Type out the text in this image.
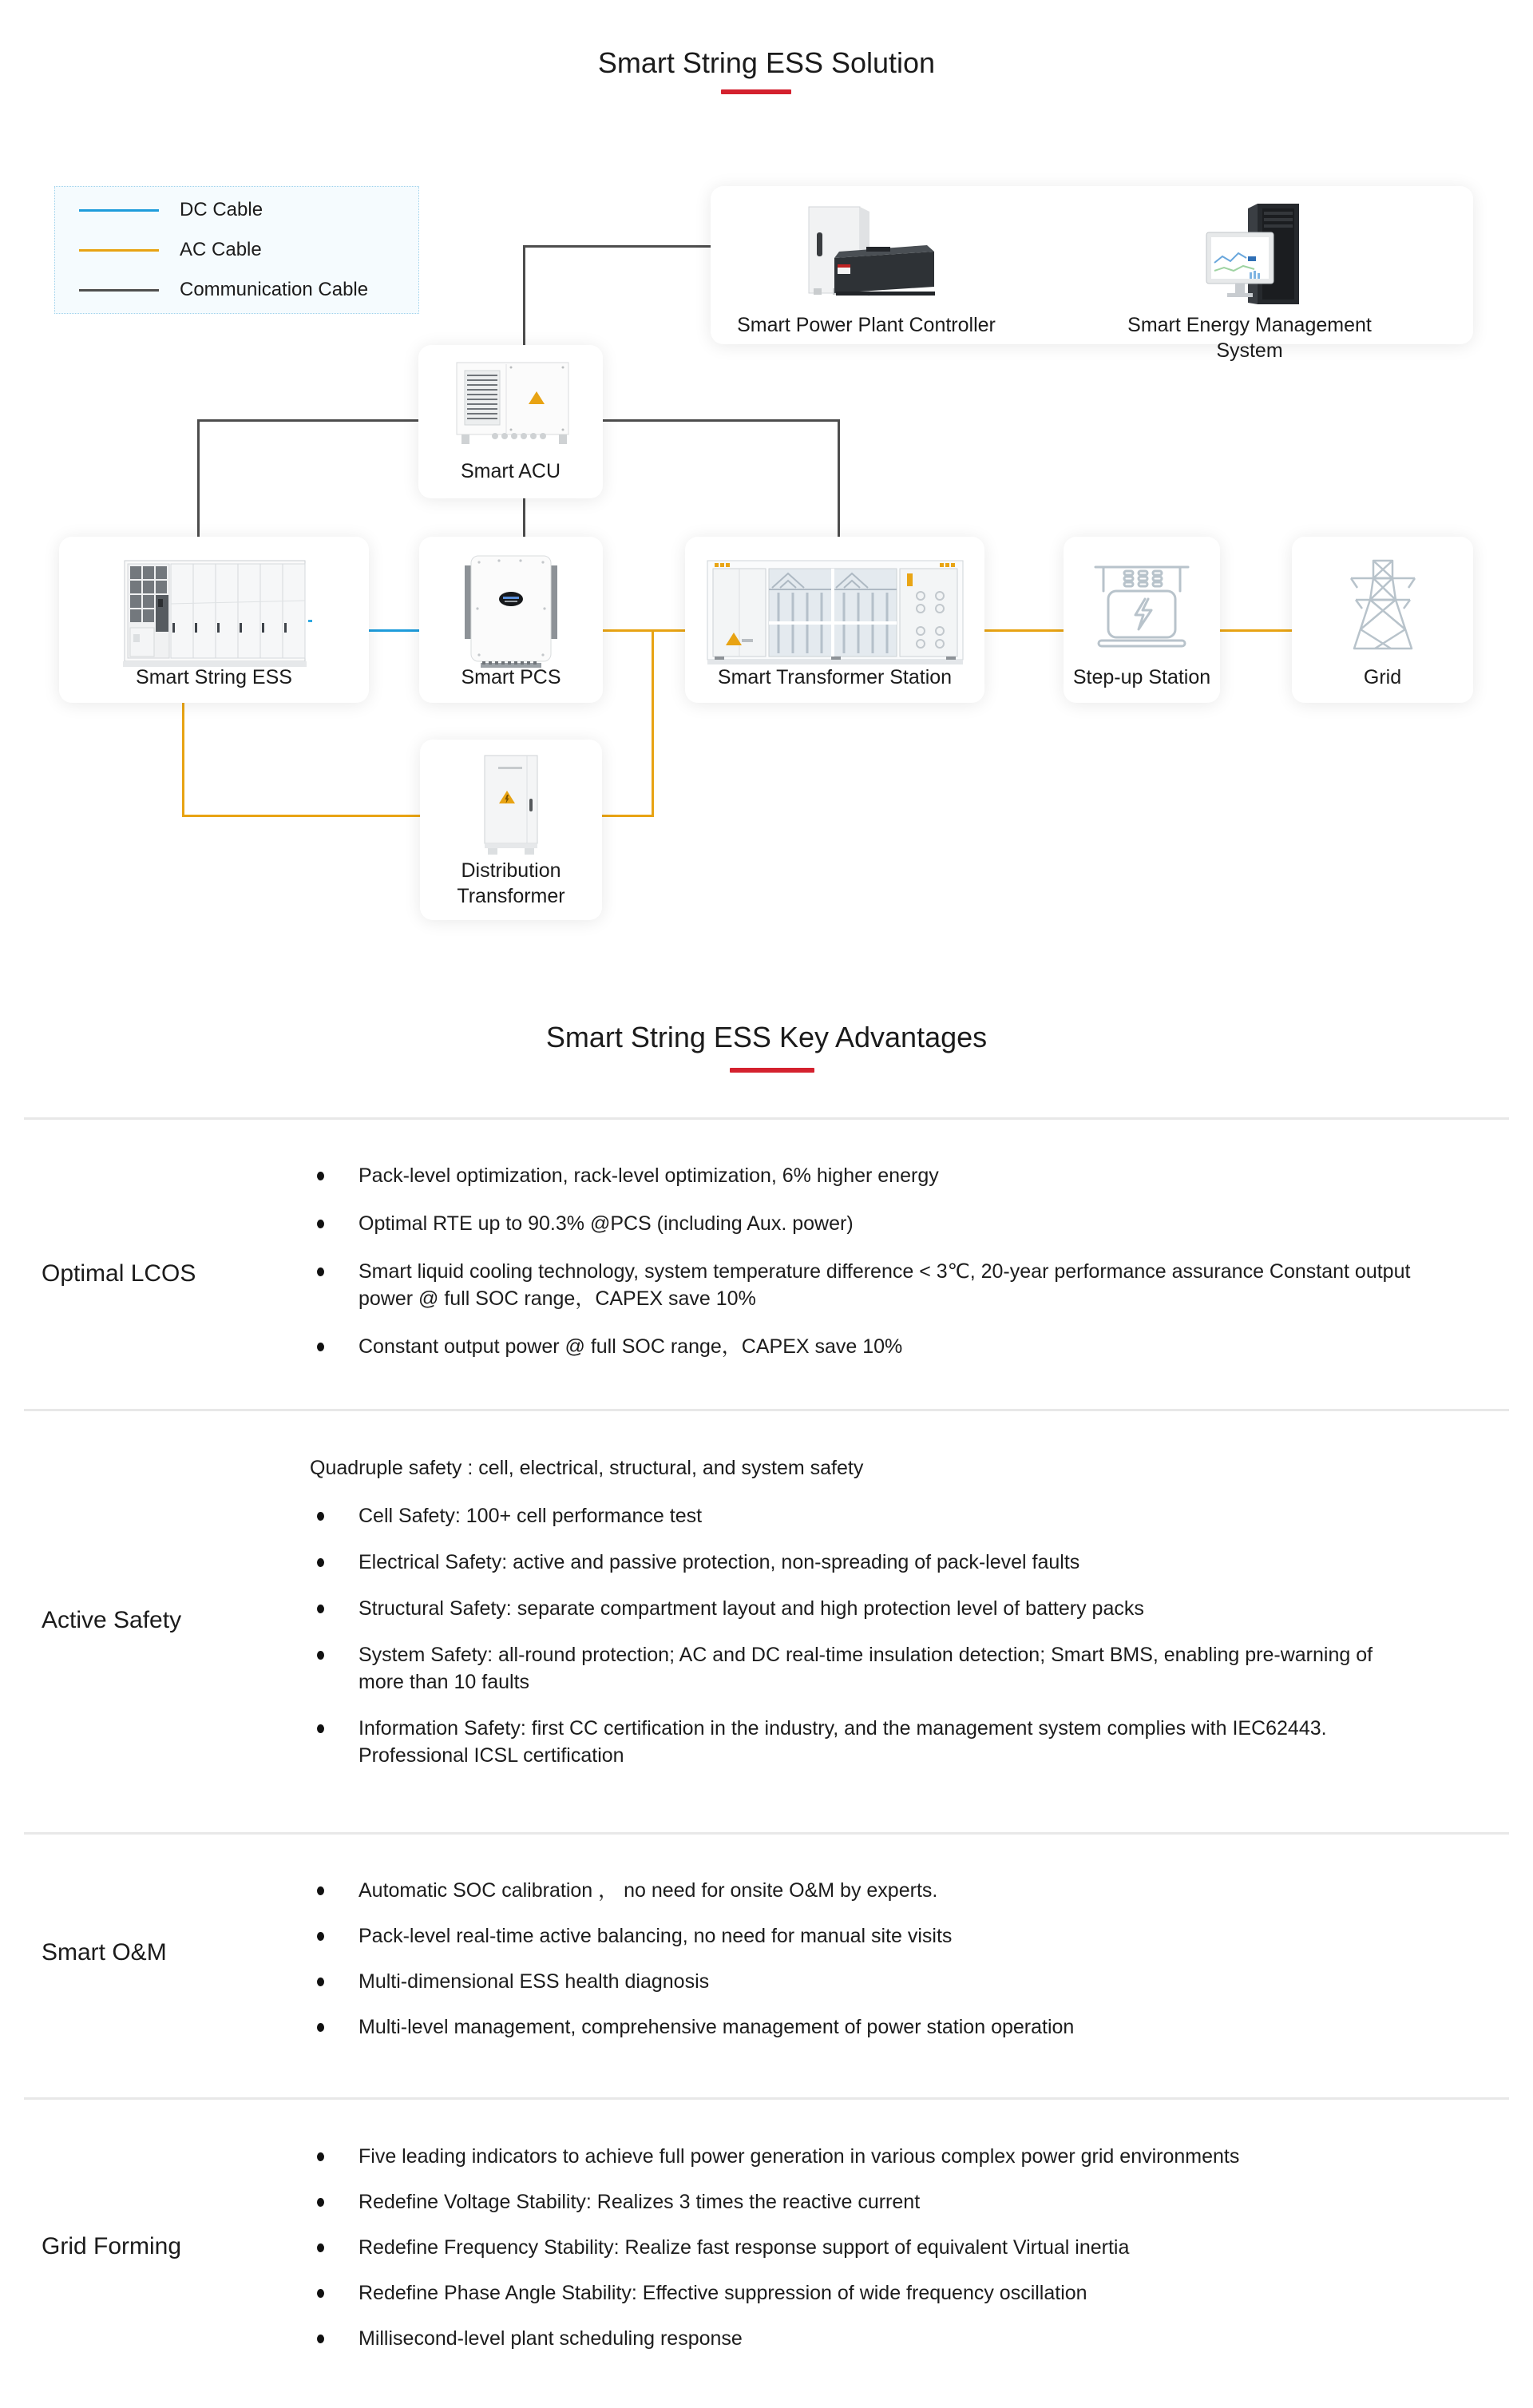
Smart String ESS Solution
DC Cable
AC Cable
Communication Cable
Smart Power Plant Controller	Smart Energy Management System
Smart ACU
Smart String ESS	Smart PCS	Smart Transformer Station	Step-up Station	Grid
Distribution Transformer
Smart String ESS Key Advantages
Optimal LCOS
Pack-level optimization, rack-level optimization, 6% higher energy
Optimal RTE up to 90.3% @PCS (including Aux. power)
Smart liquid cooling technology, system temperature difference < 3℃, 20-year performance assurance Constant output power @ full SOC range，CAPEX save 10%
Constant output power @ full SOC range，CAPEX save 10%
Active Safety
Quadruple safety : cell, electrical, structural, and system safety
Cell Safety: 100+ cell performance test
Electrical Safety: active and passive protection, non-spreading of pack-level faults
Structural Safety: separate compartment layout and high protection level of battery packs
System Safety: all-round protection; AC and DC real-time insulation detection; Smart BMS, enabling pre-warning of more than 10 faults
Information Safety: first CC certification in the industry, and the management system complies with IEC62443. Professional ICSL certification
Smart O&M
Automatic SOC calibration ， no need for onsite O&M by experts.
Pack-level real-time active balancing, no need for manual site visits
Multi-dimensional ESS health diagnosis
Multi-level management, comprehensive management of power station operation
Grid Forming
Five leading indicators to achieve full power generation in various complex power grid environments
Redefine Voltage Stability: Realizes 3 times the reactive current
Redefine Frequency Stability: Realize fast response support of equivalent Virtual inertia
Redefine Phase Angle Stability: Effective suppression of wide frequency oscillation
Millisecond-level plant scheduling response
